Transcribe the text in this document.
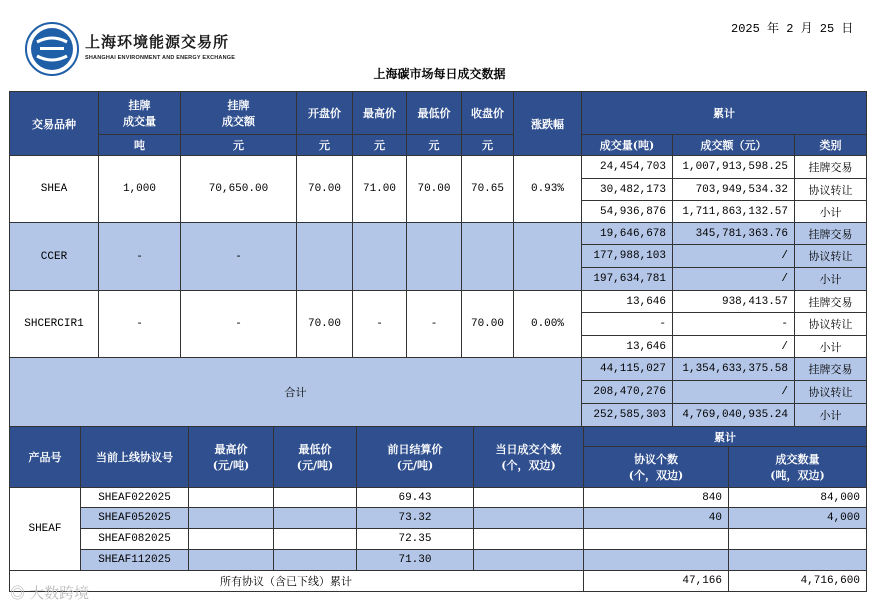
上海环境能源交易所
SHANGHAI ENVIRONMENT AND ENERGY EXCHANGE
2025 年 2 月 25 日
上海碳市场每日成交数据
交易品种	挂牌
成交量	挂牌
成交额	开盘价	最高价	最低价	收盘价	涨跌幅	累计		
	吨	元	元	元	元	元		成交量(吨)	成交额（元）	类别
SHEA	1,000	70,650.00	70.00	71.00	70.00	70.65	0.93%	24,454,703	1,007,913,598.25	挂牌交易
								30,482,173	703,949,534.32	协议转让
								54,936,876	1,711,863,132.57	小计
CCER	-	-						19,646,678	345,781,363.76	挂牌交易
								177,988,103	/	协议转让
								197,634,781	/	小计
SHCERCIR1	-	-	70.00	-	-	70.00	0.00%	13,646	938,413.57	挂牌交易
								-	-	协议转让
								13,646	/	小计
合计								44,115,027	1,354,633,375.58	挂牌交易
								208,470,276	/	协议转让
								252,585,303	4,769,040,935.24	小计
产品号	当前上线协议号	最高价
(元/吨)	最低价
(元/吨)	前日结算价
(元/吨)	当日成交个数
(个，双边)	累计	
						协议个数
(个，双边)	成交数量
(吨，双边)
SHEAF	SHEAF022025			69.43		840	84,000
	SHEAF052025			73.32		40	4,000
	SHEAF082025			72.35			
	SHEAF112025			71.30			
所有协议（含已下线）累计						47,166	4,716,600
◎ 大数跨境
